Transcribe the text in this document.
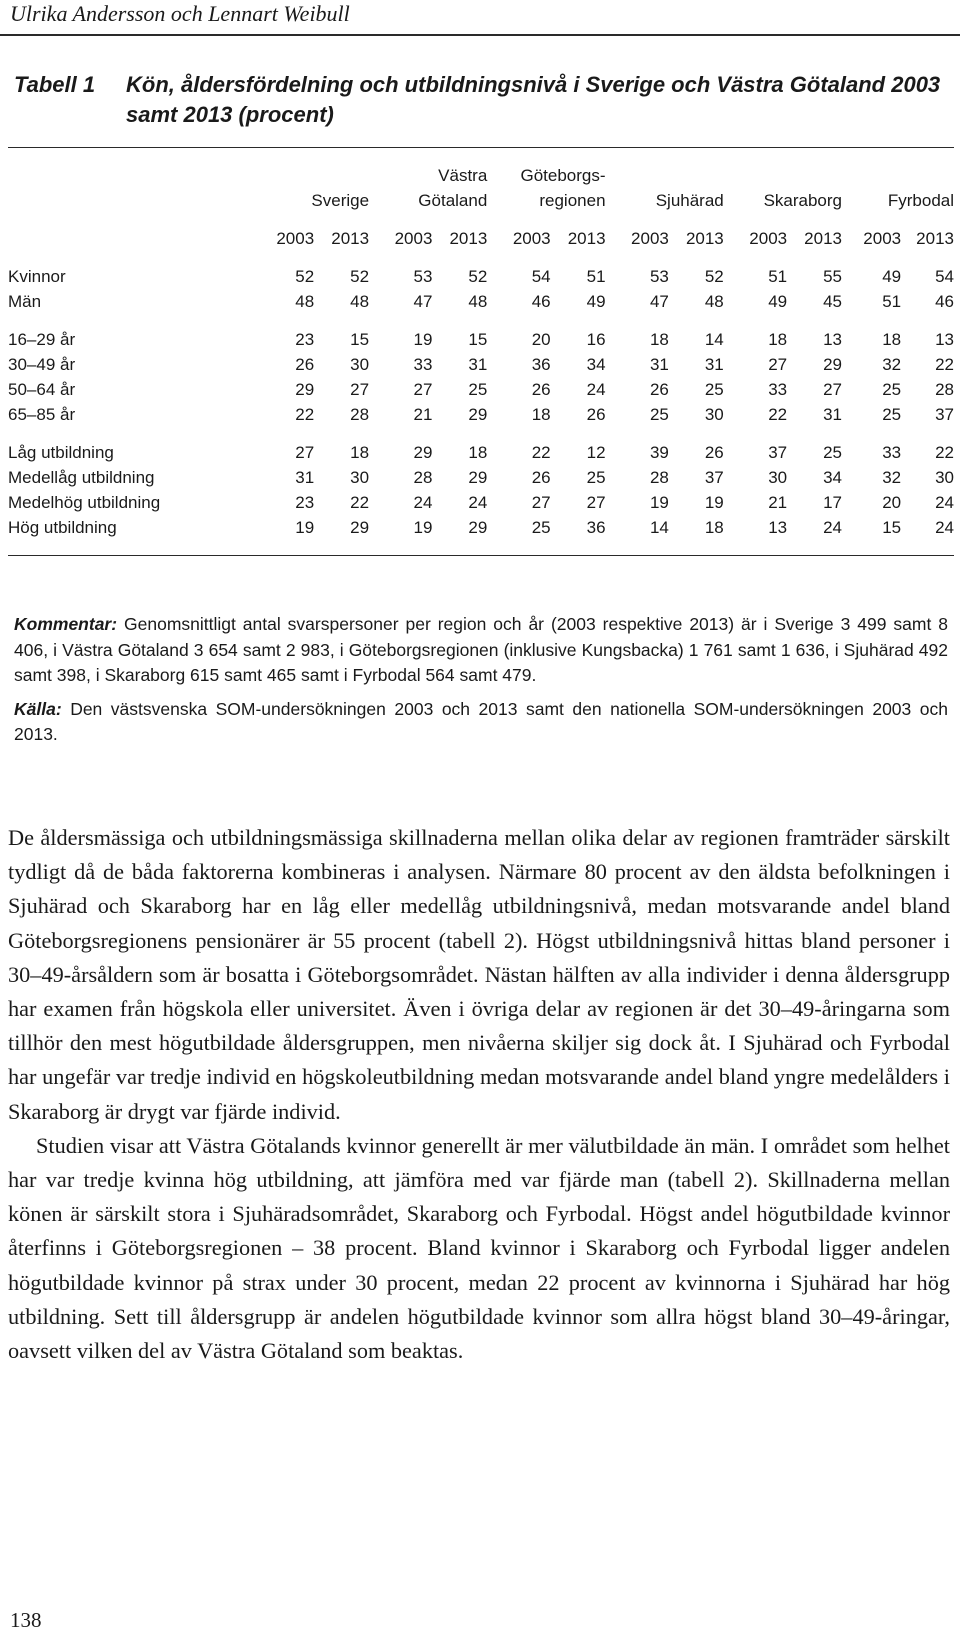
Ulrika Andersson och Lennart Weibull
Tabell 1 Kön, åldersfördelning och utbildningsnivå i Sverige och Västra Götaland 2003 samt 2013 (procent)

			Västra		Göteborgs-							
	Sverige		Götaland		regionen		Sjuhärad		Skaraborg		Fyrbodal	

	2003	2013	2003	2013	2003	2013	2003	2013	2003	2013	2003	2013

Kvinnor	52	52	53	52	54	51	53	52	51	55	49	54
Män	48	48	47	48	46	49	47	48	49	45	51	46

16–29 år	23	15	19	15	20	16	18	14	18	13	18	13
30–49 år	26	30	33	31	36	34	31	31	27	29	32	22
50–64 år	29	27	27	25	26	24	26	25	33	27	25	28
65–85 år	22	28	21	29	18	26	25	30	22	31	25	37

Låg utbildning	27	18	29	18	22	12	39	26	37	25	33	22
Medellåg utbildning	31	30	28	29	26	25	28	37	30	34	32	30
Medelhög utbildning	23	22	24	24	27	27	19	19	21	17	20	24
Hög utbildning	19	29	19	29	25	36	14	18	13	24	15	24

Kommentar: Genomsnittligt antal svarspersoner per region och år (2003 respektive 2013) är i Sverige 3 499 samt 8 406, i Västra Götaland 3 654 samt 2 983, i Göteborgsregionen (inklusive Kungsbacka) 1 761 samt 1 636, i Sjuhärad 492 samt 398, i Skaraborg 615 samt 465 samt i Fyrbodal 564 samt 479.

Källa: Den västsvenska SOM-undersökningen 2003 och 2013 samt den nationella SOM-undersökningen 2003 och 2013.

De åldersmässiga och utbildningsmässiga skillnaderna mellan olika delar av regionen framträder särskilt tydligt då de båda faktorerna kombineras i analysen. Närmare 80 procent av den äldsta befolkningen i Sjuhärad och Skaraborg har en låg eller medellåg utbildningsnivå, medan motsvarande andel bland Göteborgsregionens pensionärer är 55 procent (tabell 2). Högst utbildningsnivå hittas bland personer i 30–49-årsåldern som är bosatta i Göteborgsområdet. Nästan hälften av alla individer i denna åldersgrupp har examen från högskola eller universitet. Även i övriga delar av regionen är det 30–49-åringarna som tillhör den mest högutbildade åldersgruppen, men nivåerna skiljer sig dock åt. I Sjuhärad och Fyrbodal har ungefär var tredje individ en högskoleutbildning medan motsvarande andel bland yngre medelålders i Skaraborg är drygt var fjärde individ.

Studien visar att Västra Götalands kvinnor generellt är mer välutbildade än män. I området som helhet har var tredje kvinna hög utbildning, att jämföra med var fjärde man (tabell 2). Skillnaderna mellan könen är särskilt stora i Sjuhäradsområdet, Skaraborg och Fyrbodal. Högst andel högutbildade kvinnor återfinns i Göteborgsregionen – 38 procent. Bland kvinnor i Skaraborg och Fyrbodal ligger andelen högutbildade kvinnor på strax under 30 procent, medan 22 procent av kvinnorna i Sjuhärad har hög utbildning. Sett till åldersgrupp är andelen högutbildade kvinnor som allra högst bland 30–49-åringar, oavsett vilken del av Västra Götaland som beaktas.

138
